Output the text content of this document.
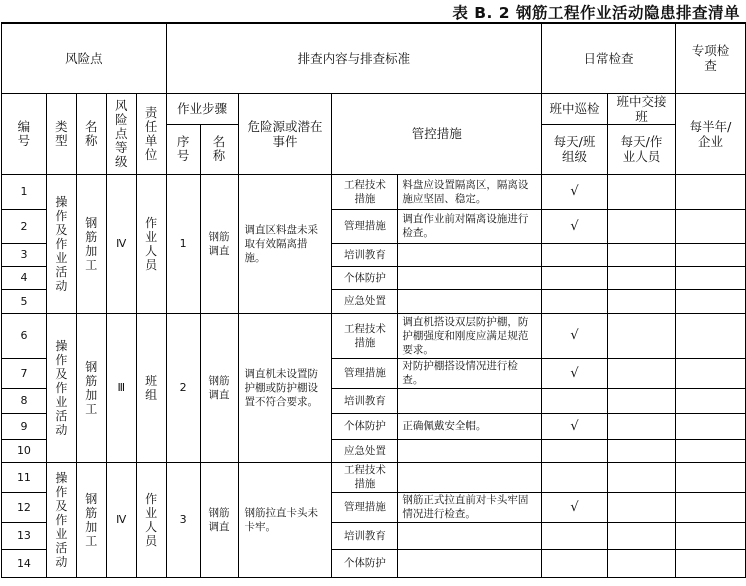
表 B. 2 钢筋工程作业活动隐患排查清单
风险点					排查内容与排查标准					日常检查		专项检查
编号	类型	名称	风险点等级	责任单位	作业步骤		危险源或潜在事件	管控措施		班中巡检	班中交接班	每半年/企业
					序号	名称				每天/班组级	每天/作业人员	
1	操作及作业活动	钢筋加工	Ⅳ	作业人员	1	钢筋调直	调直区料盘未采取有效隔离措施。	工程技术措施	料盘应设置隔离区，隔离设施应坚固、稳定。	√		
2								管理措施	调直作业前对隔离设施进行检查。	√		
3								培训教育				
4								个体防护				
5								应急处置				
6	操作及作业活动	钢筋加工	Ⅲ	班组	2	钢筋调直	调直机未设置防护棚或防护棚设置不符合要求。	工程技术措施	调直机搭设双层防护棚，防护棚强度和刚度应满足规范要求。	√		
7								管理措施	对防护棚搭设情况进行检查。	√		
8								培训教育				
9								个体防护	正确佩戴安全帽。	√		
10								应急处置				
11	操作及作业活动	钢筋加工	Ⅳ	作业人员	3	钢筋调直	钢筋拉直卡头未卡牢。	工程技术措施				
12								管理措施	钢筋正式拉直前对卡头牢固情况进行检查。	√		
13								培训教育				
14								个体防护				
